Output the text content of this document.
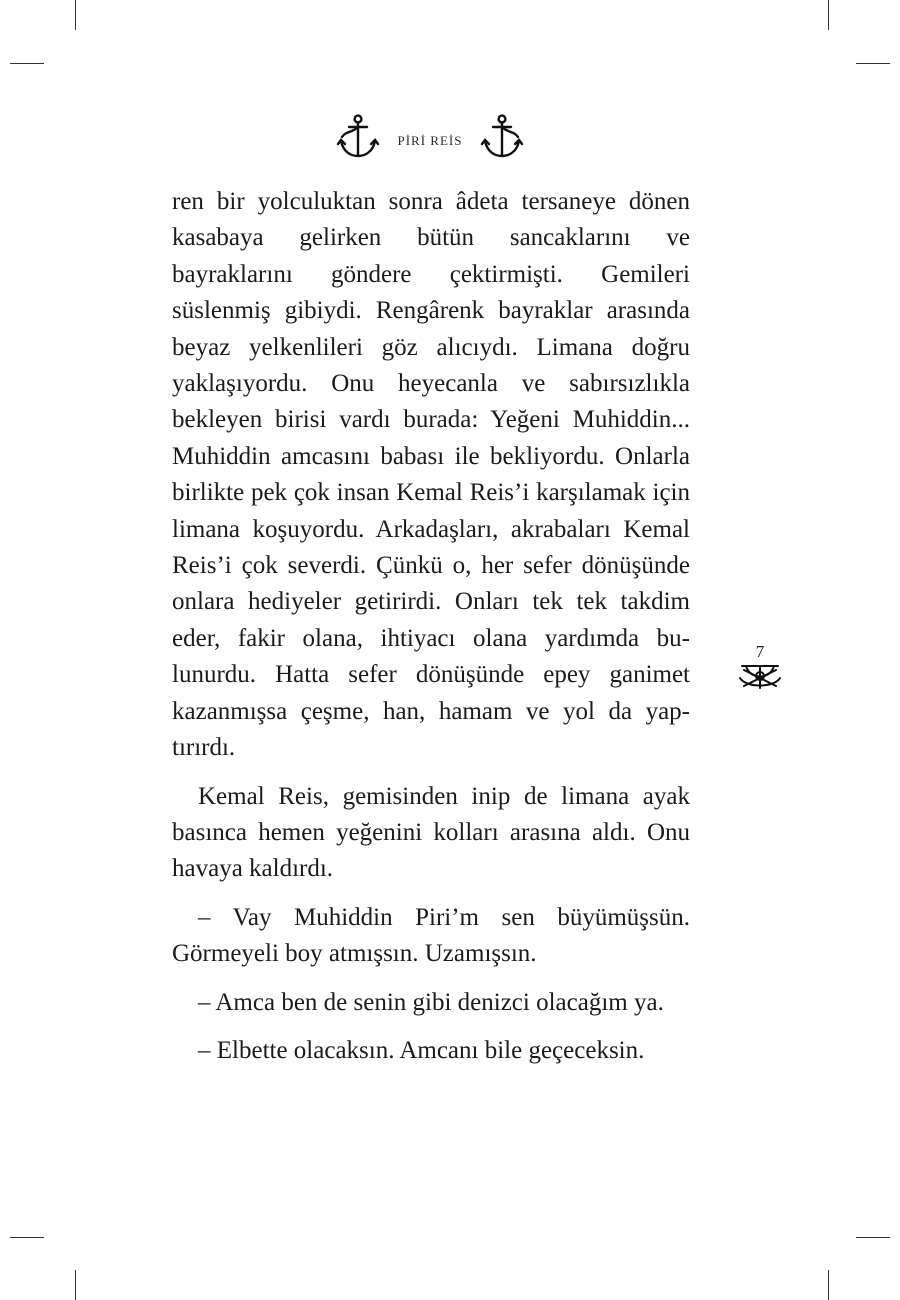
PİRİ REİS

ren bir yolculuktan sonra âdeta tersaneye dönen kasabaya gelirken bütün sancaklarını ve bayraklarını göndere çektirmişti. Gemileri süslenmiş gibiydi. Rengârenk bayraklar arasında beyaz yelkenlileri göz alıcıydı. Limana doğru yaklaşıyordu. Onu heyecanla ve sabırsızlıkla bekleyen birisi vardı burada: Yeğeni Muhiddin... Muhiddin amcasını babası ile bekliyordu. Onlarla birlikte pek çok insan Kemal Reis’i karşılamak için limana koşuyordu. Arkadaşları, akrabaları Kemal Reis’i çok severdi. Çünkü o, her sefer dönüşünde onlara hediyeler getirirdi. Onları tek tek takdim eder, fakir olana, ihtiyacı olana yardımda bulunurdu. Hatta sefer dönüşünde epey ganimet kazanmışsa çeşme, han, hamam ve yol da yaptırırdı.

Kemal Reis, gemisinden inip de limana ayak basınca hemen yeğenini kolları arasına aldı. Onu havaya kaldırdı.

– Vay Muhiddin Piri’m sen büyümüşsün. Görmeyeli boy atmışsın. Uzamışsın.

– Amca ben de senin gibi denizci olacağım ya.

– Elbette olacaksın. Amcanı bile geçeceksin.

7
